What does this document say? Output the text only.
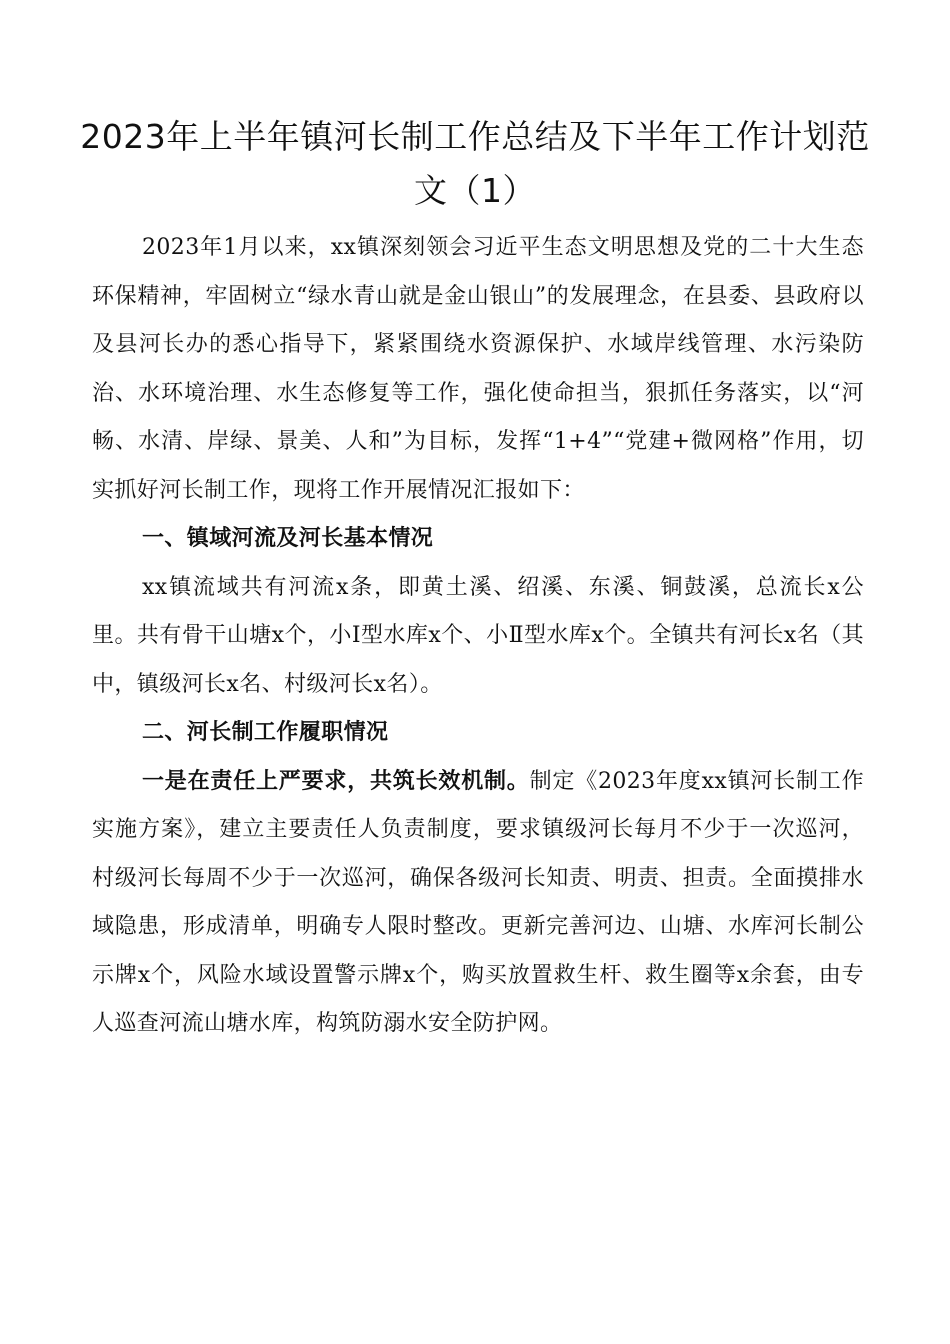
2023年上半年镇河长制工作总结及下半年工作计划范文（1）

2023年1月以来，xx镇深刻领会习近平生态文明思想及党的二十大生态环保精神，牢固树立“绿水青山就是金山银山”的发展理念，在县委、县政府以及县河长办的悉心指导下，紧紧围绕水资源保护、水域岸线管理、水污染防治、水环境治理、水生态修复等工作，强化使命担当，狠抓任务落实，以“河畅、水清、岸绿、景美、人和”为目标，发挥“1+4”“党建+微网格”作用，切实抓好河长制工作，现将工作开展情况汇报如下：

一、镇域河流及河长基本情况

xx镇流域共有河流x条，即黄土溪、绍溪、东溪、铜鼓溪，总流长x公里。共有骨干山塘x个，小Ⅰ型水库x个、小Ⅱ型水库x个。全镇共有河长x名（其中，镇级河长x名、村级河长x名）。

二、河长制工作履职情况

一是在责任上严要求，共筑长效机制。制定《2023年度xx镇河长制工作实施方案》，建立主要责任人负责制度，要求镇级河长每月不少于一次巡河，村级河长每周不少于一次巡河，确保各级河长知责、明责、担责。全面摸排水域隐患，形成清单，明确专人限时整改。更新完善河边、山塘、水库河长制公示牌x个，风险水域设置警示牌x个，购买放置救生杆、救生圈等x余套，由专人巡查河流山塘水库，构筑防溺水安全防护网。
